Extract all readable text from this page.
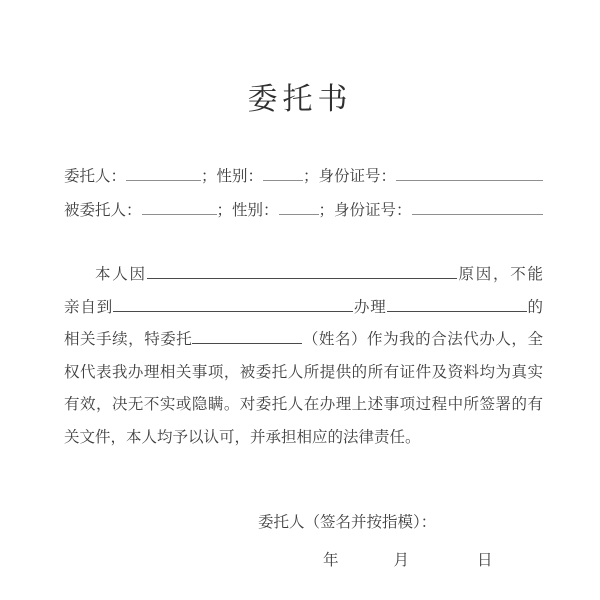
委托书

委托人：	；性别：	；身份证号：

被委托人：	；性别：	；身份证号：

本人因	原因，不能亲自到	办理	的相关手续，特委托	（姓名）作为我的合法代办人，全权代表我办理相关事项，被委托人所提供的所有证件及资料均为真实有效，决无不实或隐瞒。对委托人在办理上述事项过程中所签署的有关文件，本人均予以认可，并承担相应的法律责任。

委托人（签名并按指模）：
年	月	日
